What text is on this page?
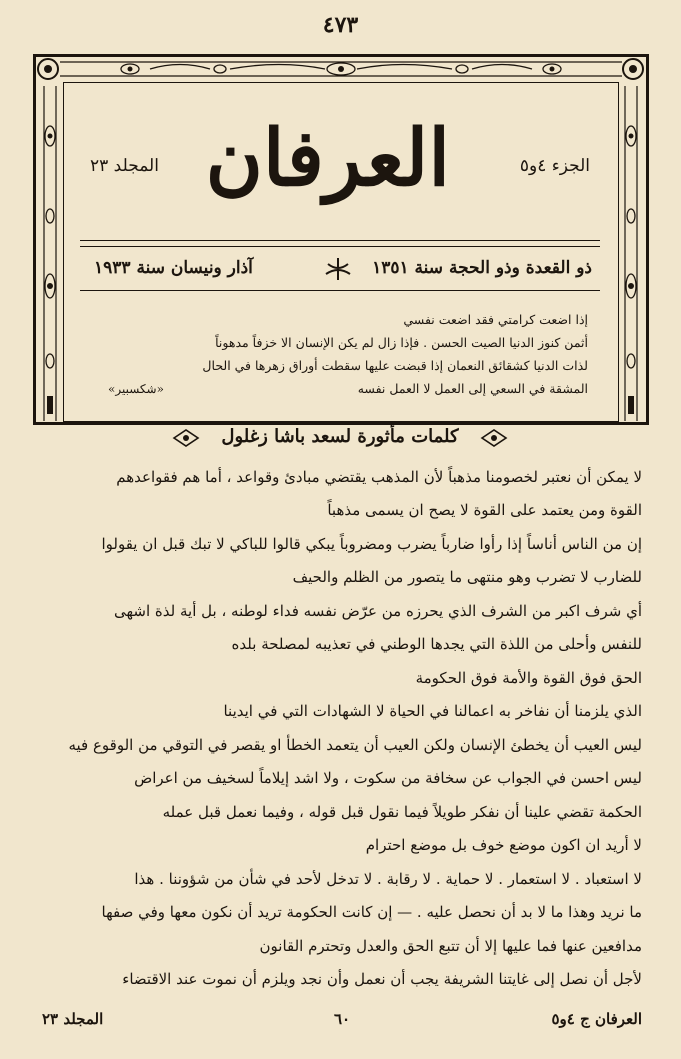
٤٧٣
الجزء ٤و٥
العرفان
المجلد ٢٣
ذو القعدة وذو الحجة سنة ١٣٥١
آذار ونيسان سنة ١٩٣٣
إذا اضعت كرامتي فقد اضعت نفسي
أثمن كنوز الدنيا الصيت الحسن . فإذا زال لم يكن الإنسان الا خزفاً مدهوناً
لذات الدنيا كشقائق النعمان إذا قبضت عليها سقطت أوراق زهرها في الحال
المشقة في السعي إلى العمل لا العمل نفسه
«شكسبير»
كلمات مأثورة لسعد باشا زغلول
لا يمكن أن نعتبر لخصومنا مذهباً لأن المذهب يقتضي مبادئ وقواعد ، أما هم فقواعدهم
القوة ومن يعتمد على القوة لا يصح ان يسمى مذهباً
إن من الناس أناساً إذا رأوا ضارباً يضرب ومضروباً يبكي قالوا للباكي لا تبك قبل ان يقولوا
للضارب لا تضرب وهو منتهى ما يتصور من الظلم والحيف
أي شرف اكبر من الشرف الذي يحرزه من عرّض نفسه فداء لوطنه ، بل أية لذة اشهى
للنفس وأحلى من اللذة التي يجدها الوطني في تعذيبه لمصلحة بلده
الحق فوق القوة والأمة فوق الحكومة
الذي يلزمنا أن نفاخر به اعمالنا في الحياة لا الشهادات التي في ايدينا
ليس العيب أن يخطئ الإنسان ولكن العيب أن يتعمد الخطأ او يقصر في التوقي من الوقوع فيه
ليس احسن في الجواب عن سخافة من سكوت ، ولا اشد إيلاماً لسخيف من اعراض
الحكمة تقضي علينا أن نفكر طويلاً فيما نقول قبل قوله ، وفيما نعمل قبل عمله
لا أريد ان اكون موضع خوف بل موضع احترام
لا استعباد . لا استعمار . لا حماية . لا رقابة . لا تدخل لأحد في شأن من شؤوننا . هذا
ما نريد وهذا ما لا بد أن نحصل عليه . — إن كانت الحكومة تريد أن نكون معها وفي صفها
مدافعين عنها فما عليها إلا أن تتبع الحق والعدل وتحترم القانون
لأجل أن نصل إلى غايتنا الشريفة يجب أن نعمل وأن نجد ويلزم أن نموت عند الاقتضاء
العرفان ج ٤و٥
٦٠
المجلد ٢٣
